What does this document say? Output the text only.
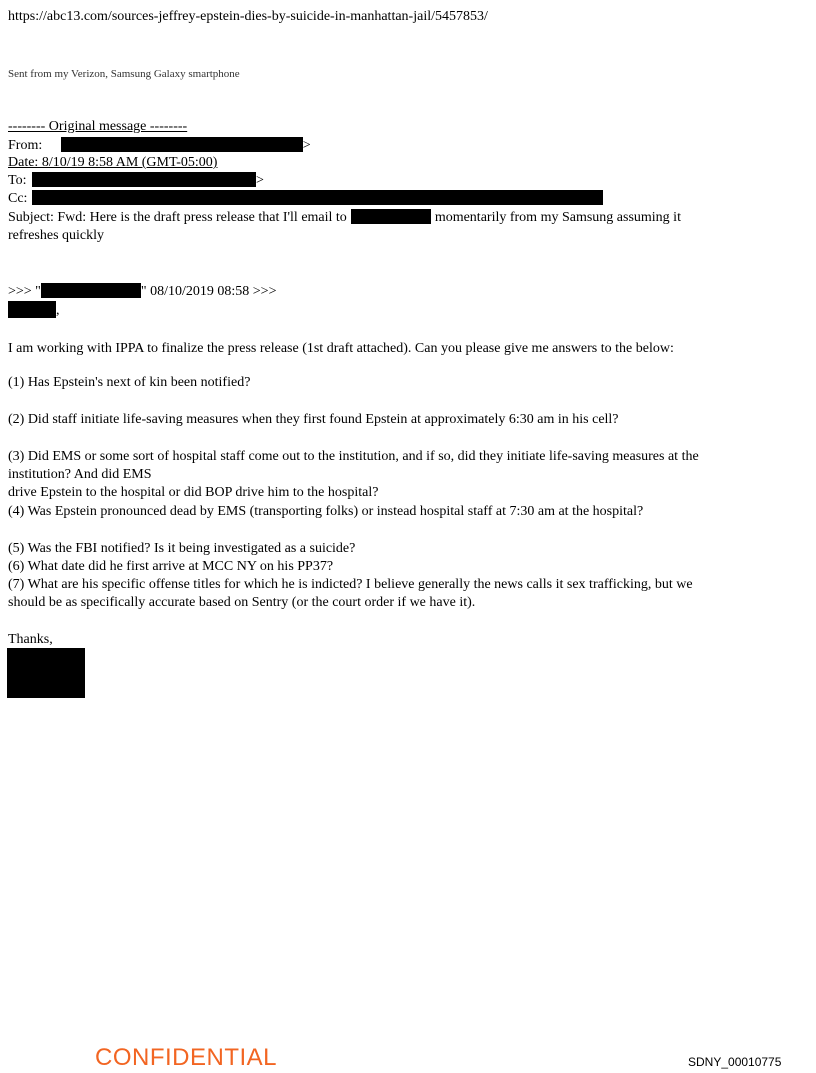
https://abc13.com/sources-jeffrey-epstein-dies-by-suicide-in-manhattan-jail/5457853/
Sent from my Verizon, Samsung Galaxy smartphone
-------- Original message --------
From:	>
Date: 8/10/19 8:58 AM (GMT-05:00)
To:	>
Cc:
Subject: Fwd: Here is the draft press release that I'll email to	momentarily from my Samsung assuming it
refreshes quickly
>>> "	" 08/10/2019 08:58 >>>
,
I am working with IPPA to finalize the press release (1st draft attached). Can you please give me answers to the below:
(1) Has Epstein's next of kin been notified?
(2) Did staff initiate life-saving measures when they first found Epstein at approximately 6:30 am in his cell?
(3) Did EMS or some sort of hospital staff come out to the institution, and if so, did they initiate life-saving measures at the
institution? And did EMS
drive Epstein to the hospital or did BOP drive him to the hospital?
(4) Was Epstein pronounced dead by EMS (transporting folks) or instead hospital staff at 7:30 am at the hospital?
(5) Was the FBI notified? Is it being investigated as a suicide?
(6) What date did he first arrive at MCC NY on his PP37?
(7) What are his specific offense titles for which he is indicted? I believe generally the news calls it sex trafficking, but we
should be as specifically accurate based on Sentry (or the court order if we have it).
Thanks,
CONFIDENTIAL	SDNY_00010775
